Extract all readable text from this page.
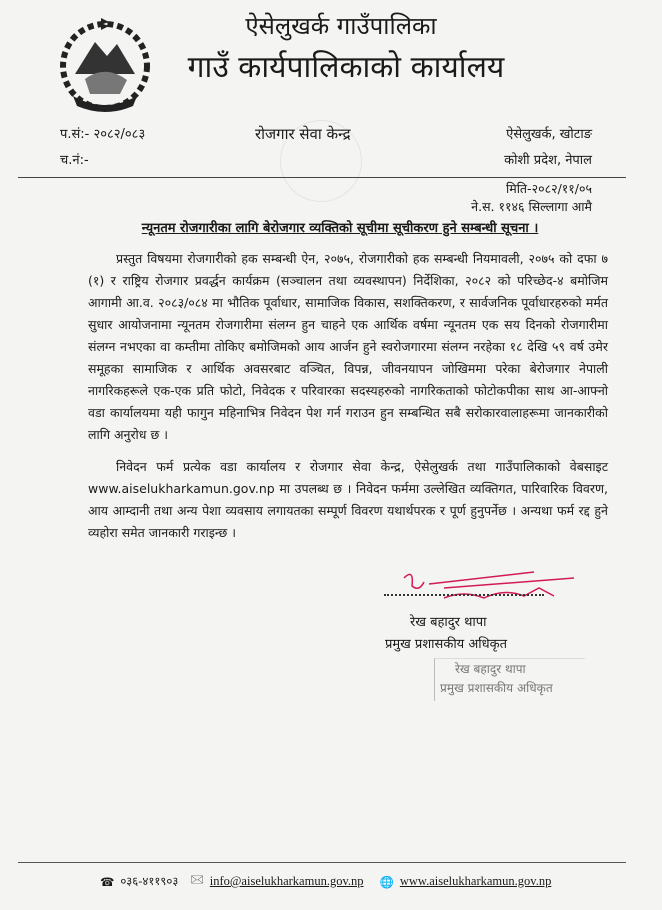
ऐसेलुखर्क गाउँपालिका
गाउँ कार्यपालिकाको कार्यालय
प.सं:- २०८२/०८३
च.नं:-
रोजगार सेवा केन्द्र	ऐसेलुखर्क, खोटाङ
कोशी प्रदेश, नेपाल
मिति-२०८२/११/०५
ने.स. ११४६ सिल्लागा आमै
न्यूनतम रोजगारीका लागि बेरोजगार व्यक्तिको सूचीमा सूचीकरण हुने सम्बन्धी सूचना ।
प्रस्तुत विषयमा रोजगारीको हक सम्बन्धी ऐन, २०७५, रोजगारीको हक सम्बन्धी नियमावली, २०७५ को दफा ७ (१) र राष्ट्रिय रोजगार प्रवर्द्धन कार्यक्रम (सञ्चालन तथा व्यवस्थापन) निर्देशिका, २०८२ को परिच्छेद-४ बमोजिम आगामी आ.व. २०८३/०८४ मा भौतिक पूर्वाधार, सामाजिक विकास, सशक्तिकरण, र सार्वजनिक पूर्वाधारहरुको मर्मत सुधार आयोजनामा न्यूनतम रोजगारीमा संलग्न हुन चाहने एक आर्थिक वर्षमा न्यूनतम एक सय दिनको रोजगारीमा संलग्न नभएका वा कम्तीमा तोकिए बमोजिमको आय आर्जन हुने स्वरोजगारमा संलग्न नरहेका १८ देखि ५९ वर्ष उमेर समूहका सामाजिक र आर्थिक अवसरबाट वञ्चित, विपन्न, जीवनयापन जोखिममा परेका बेरोजगार नेपाली नागरिकहरूले एक-एक प्रति फोटो, निवेदक र परिवारका सदस्यहरुको नागरिकताको फोटोकपीका साथ आ-आफ्नो वडा कार्यालयमा यही फागुन महिनाभित्र निवेदन पेश गर्न गराउन हुन सम्बन्धित सबै सरोकारवालाहरूमा जानकारीको लागि अनुरोध छ ।
निवेदन फर्म प्रत्येक वडा कार्यालय र रोजगार सेवा केन्द्र, ऐसेलुखर्क तथा गाउँपालिकाको वेबसाइट www.aiselukharkamun.gov.np मा उपलब्ध छ । निवेदन फर्ममा उल्लेखित व्यक्तिगत, पारिवारिक विवरण, आय आम्दानी तथा अन्य पेशा व्यवसाय लगायतका सम्पूर्ण विवरण यथार्थपरक र पूर्ण हुनुपर्नेछ । अन्यथा फर्म रद्द हुने व्यहोरा समेत जानकारी गराइन्छ ।
रेख बहादुर थापा
प्रमुख प्रशासकीय अधिकृत
रेख बहादुर थापा
प्रमुख प्रशासकीय अधिकृत
☎ ०३६-४११९०३ 🖂 info@aiselukharkamun.gov.np 🌐 www.aiselukharkamun.gov.np
